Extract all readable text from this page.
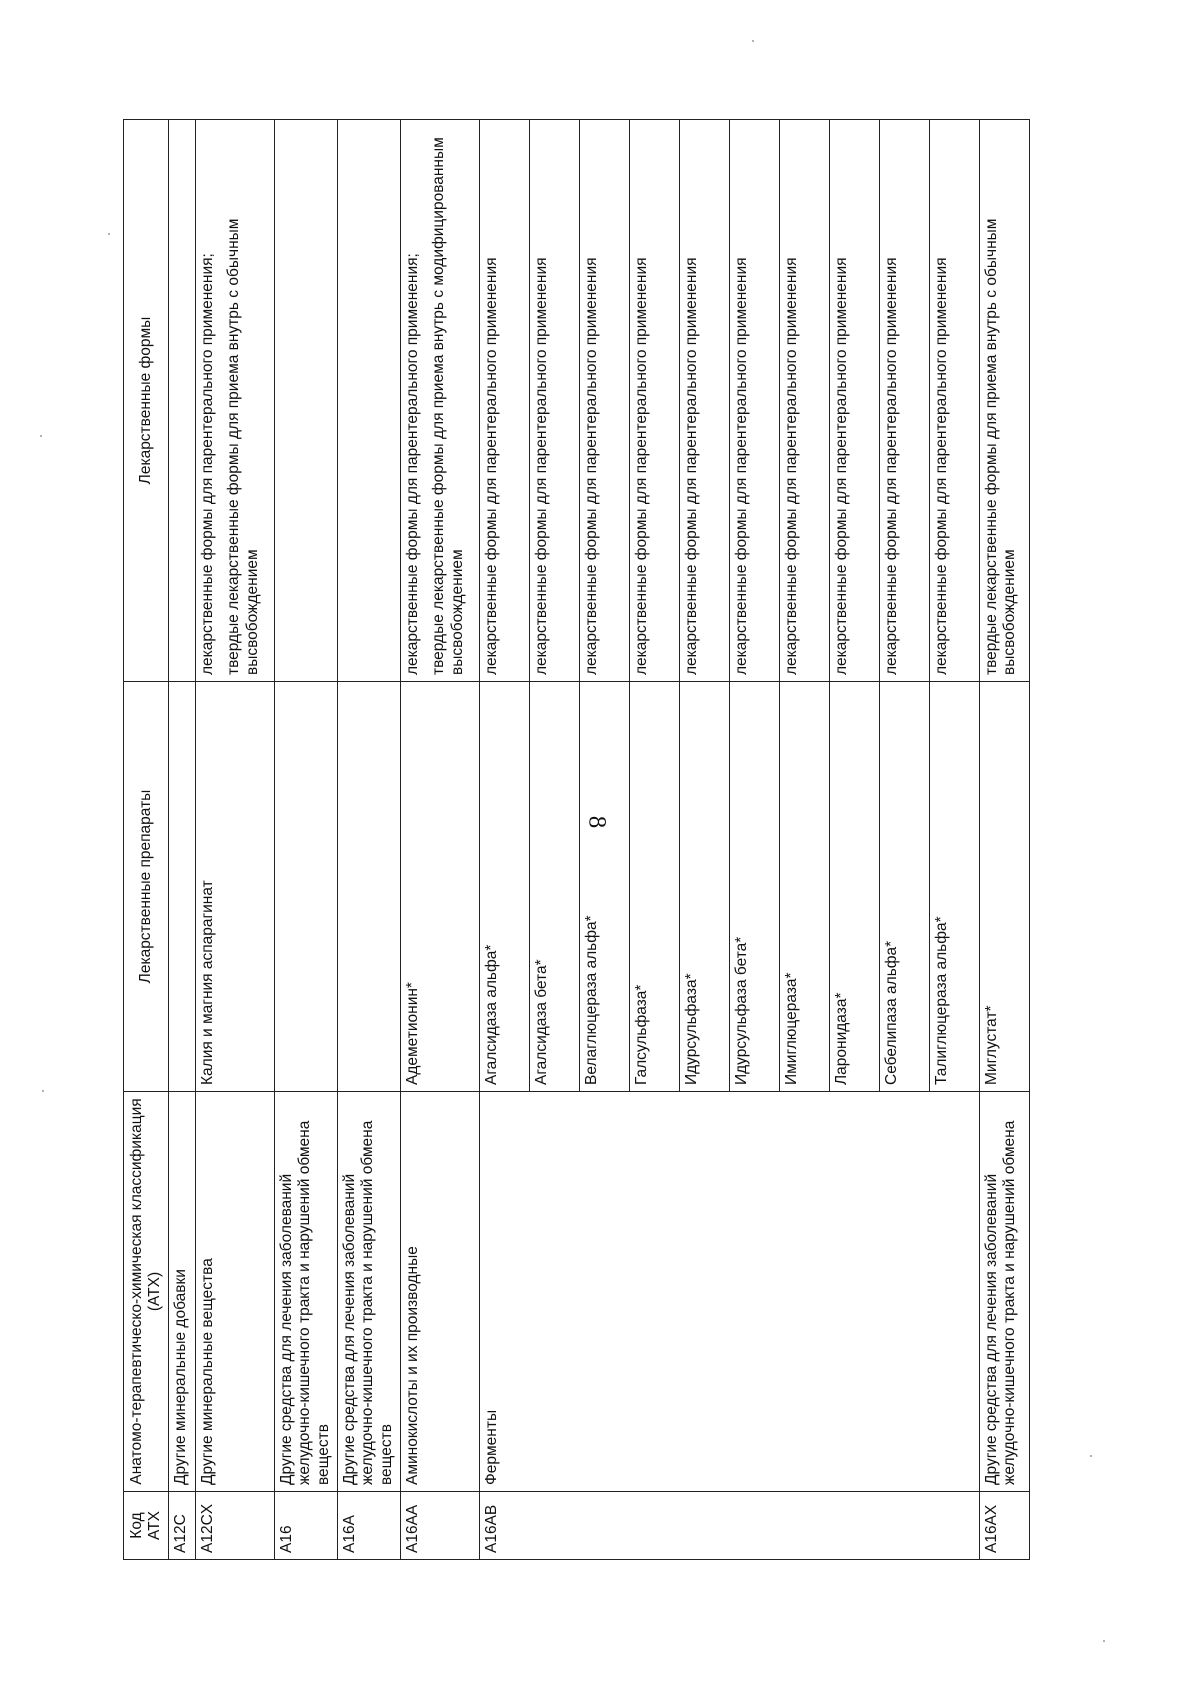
8
Код АТХ	Анатомо-терапевтическо-химическая классификация (АТХ)	Лекарственные препараты	Лекарственные формы
A12C	Другие минеральные добавки		
A12CX	Другие минеральные вещества	Калия и магния аспарагинат	лекарственные формы для парентерального применения; твердые лекарственные формы для приема внутрь с обычным высвобождением

A16	Другие средства для лечения заболеваний желудочно-кишечного тракта и нарушений обмена веществ		
A16A	Другие средства для лечения заболеваний желудочно-кишечного тракта и нарушений обмена веществ		
A16AA	Аминокислоты и их производные	Адеметионин*	лекарственные формы для парентерального применения; твердые лекарственные формы для приема внутрь с модифицированным высвобождением

A16AB	Ферменты	Агалсидаза альфа*	лекарственные формы для парентерального применения
		Агалсидаза бета*	лекарственные формы для парентерального применения
		Велаглюцераза альфа*	лекарственные формы для парентерального применения
		Галсульфаза*	лекарственные формы для парентерального применения
		Идурсульфаза*	лекарственные формы для парентерального применения
		Идурсульфаза бета*	лекарственные формы для парентерального применения
		Имиглюцераза*	лекарственные формы для парентерального применения
		Ларонидаза*	лекарственные формы для парентерального применения
		Себелипаза альфа*	лекарственные формы для парентерального применения
		Талиглюцераза альфа*	лекарственные формы для парентерального применения
A16AX	Другие средства для лечения заболеваний желудочно-кишечного тракта и нарушений обмена	Миглустат*	твердые лекарственные формы для приема внутрь с обычным высвобождением
